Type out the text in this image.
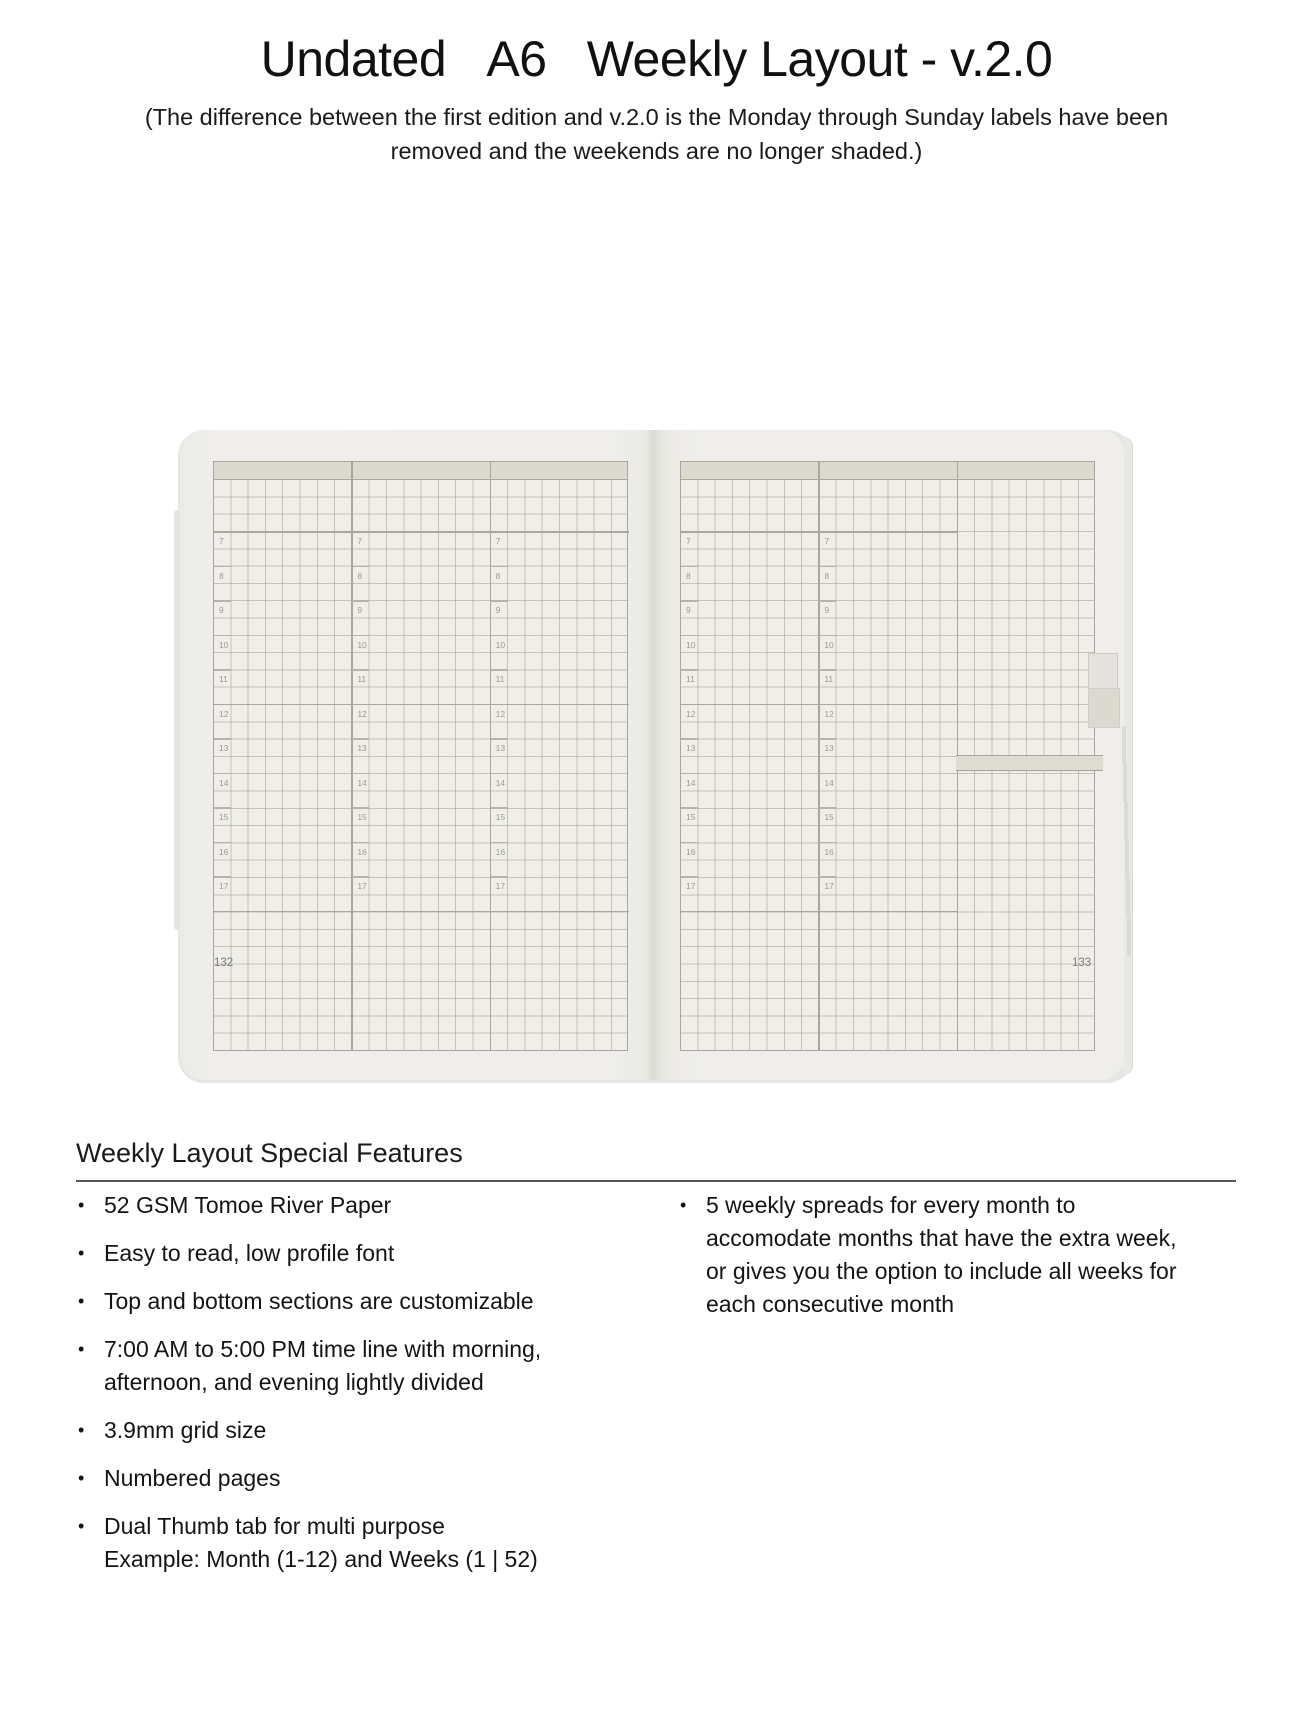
Undated A6 Weekly Layout - v.2.0
(The difference between the first edition and v.2.0 is the Monday through Sunday labels have been removed and the weekends are no longer shaded.)
7
8
9
10
11
12
13
14
15
16
17
7
8
9
10
11
12
13
14
15
16
17
7
8
9
10
11
12
13
14
15
16
17
132
7
8
9
10
11
12
13
14
15
16
17
7
8
9
10
11
12
13
14
15
16
17
133
Weekly Layout Special Features
• 52 GSM Tomoe River Paper
• Easy to read, low profile font
• Top and bottom sections are customizable
• 7:00 AM to 5:00 PM time line with morning,
afternoon, and evening lightly divided
• 3.9mm grid size
• Numbered pages
• Dual Thumb tab for multi purpose
Example: Month (1-12) and Weeks (1 | 52)
• 5 weekly spreads for every month to
accomodate months that have the extra week,
or gives you the option to include all weeks for
each consecutive month
